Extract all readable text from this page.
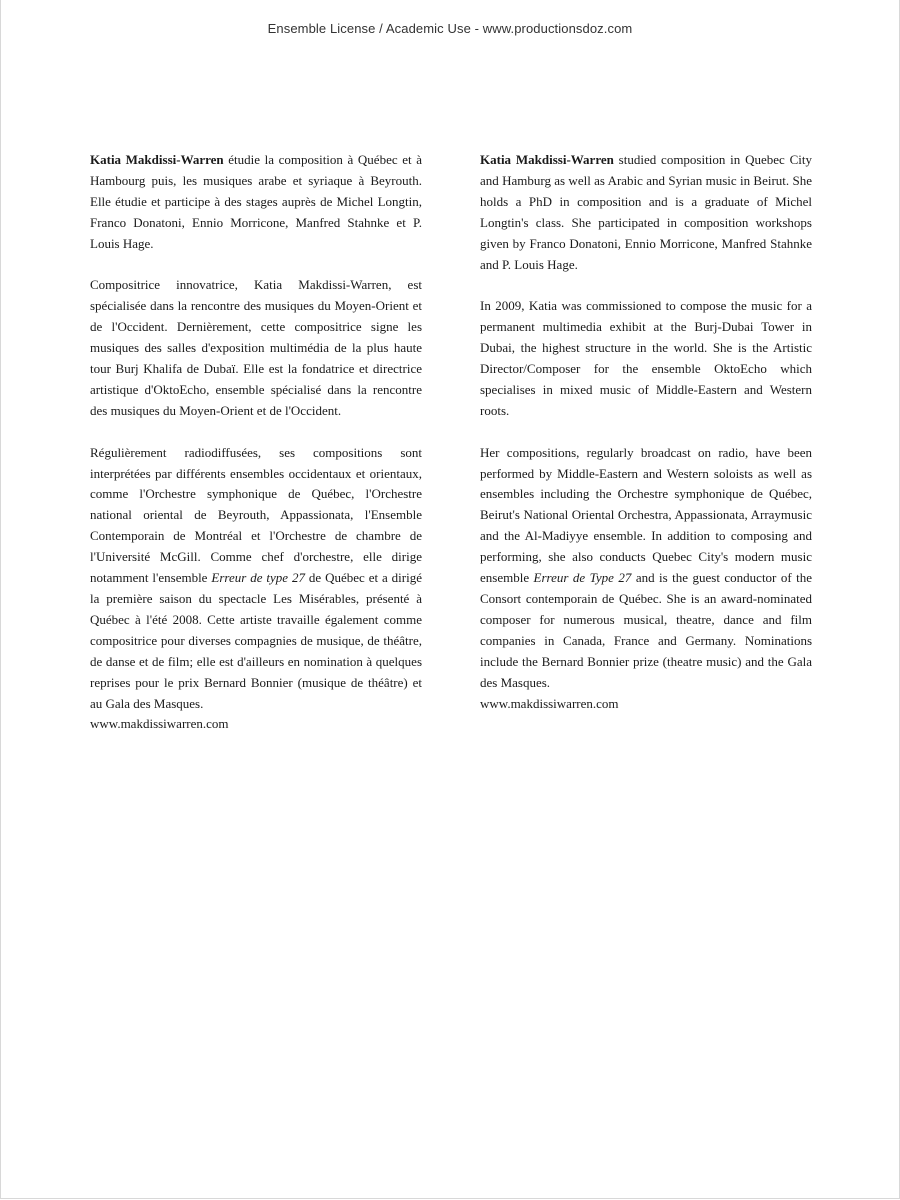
Ensemble License / Academic Use - www.productionsdoz.com

Katia Makdissi-Warren étudie la composition à Québec et à Hambourg puis, les musiques arabe et syriaque à Beyrouth. Elle étudie et participe à des stages auprès de Michel Longtin, Franco Donatoni, Ennio Morricone, Manfred Stahnke et P. Louis Hage.

Compositrice innovatrice, Katia Makdissi-Warren, est spécialisée dans la rencontre des musiques du Moyen-Orient et de l'Occident. Dernièrement, cette compositrice signe les musiques des salles d'exposition multimédia de la plus haute tour Burj Khalifa de Dubaï. Elle est la fondatrice et directrice artistique d'OktoEcho, ensemble spécialisé dans la rencontre des musiques du Moyen-Orient et de l'Occident.

Régulièrement radiodiffusées, ses compositions sont interprétées par différents ensembles occidentaux et orientaux, comme l'Orchestre symphonique de Québec, l'Orchestre national oriental de Beyrouth, Appassionata, l'Ensemble Contemporain de Montréal et l'Orchestre de chambre de l'Université McGill. Comme chef d'orchestre, elle dirige notamment l'ensemble Erreur de type 27 de Québec et a dirigé la première saison du spectacle Les Misérables, présenté à Québec à l'été 2008. Cette artiste travaille également comme compositrice pour diverses compagnies de musique, de théâtre, de danse et de film; elle est d'ailleurs en nomination à quelques reprises pour le prix Bernard Bonnier (musique de théâtre) et au Gala des Masques.
www.makdissiwarren.com

Katia Makdissi-Warren studied composition in Quebec City and Hamburg as well as Arabic and Syrian music in Beirut. She holds a PhD in composition and is a graduate of Michel Longtin's class. She participated in composition workshops given by Franco Donatoni, Ennio Morricone, Manfred Stahnke and P. Louis Hage.

In 2009, Katia was commissioned to compose the music for a permanent multimedia exhibit at the Burj-Dubai Tower in Dubai, the highest structure in the world. She is the Artistic Director/Composer for the ensemble OktoEcho which specialises in mixed music of Middle-Eastern and Western roots.

Her compositions, regularly broadcast on radio, have been performed by Middle-Eastern and Western soloists as well as ensembles including the Orchestre symphonique de Québec, Beirut's National Oriental Orchestra, Appassionata, Arraymusic and the Al-Madiyye ensemble. In addition to composing and performing, she also conducts Quebec City's modern music ensemble Erreur de Type 27 and is the guest conductor of the Consort contemporain de Québec. She is an award-nominated composer for numerous musical, theatre, dance and film companies in Canada, France and Germany. Nominations include the Bernard Bonnier prize (theatre music) and the Gala des Masques.
www.makdissiwarren.com
